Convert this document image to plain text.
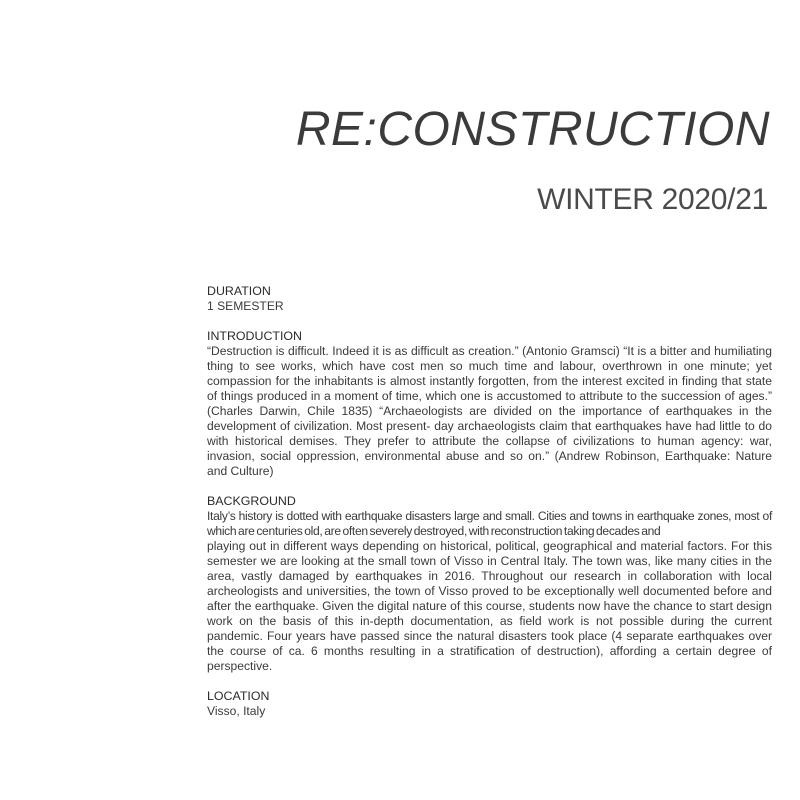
RE:CONSTRUCTION
WINTER 2020/21
DURATION

1 SEMESTER

INTRODUCTION

“Destruction is difficult. Indeed it is as difficult as creation.” (Antonio Gramsci) “It is a bitter and humiliating thing to see works, which have cost men so much time and labour, overthrown in one minute; yet compassion for the inhabitants is almost instantly forgotten, from the interest excited in finding that state of things produced in a moment of time, which one is accustomed to attribute to the succession of ages.” (Charles Darwin, Chile 1835) “Archaeologists are divided on the importance of earthquakes in the development of civilization. Most present- day archaeologists claim that earthquakes have had little to do with historical demises. They prefer to attribute the collapse of civilizations to human agency: war, invasion, social oppression, environmental abuse and so on.” (Andrew Robinson, Earthquake: Nature and Culture)

BACKGROUND

Italy’s history is dotted with earthquake disasters large and small. Cities and towns in earthquake zones, most of which are centuries old, are often severely destroyed, with reconstruction taking decades and

playing out in different ways depending on historical, political, geographical and material factors. For this semester we are looking at the small town of Visso in Central Italy. The town was, like many cities in the area, vastly damaged by earthquakes in 2016. Throughout our research in collaboration with local archeologists and universities, the town of Visso proved to be exceptionally well documented before and after the earthquake. Given the digital nature of this course, students now have the chance to start design work on the basis of this in-depth documentation, as field work is not possible during the current pandemic. Four years have passed since the natural disasters took place (4 separate earthquakes over the course of ca. 6 months resulting in a stratification of destruction), affording a certain degree of perspective.

LOCATION

Visso, Italy
